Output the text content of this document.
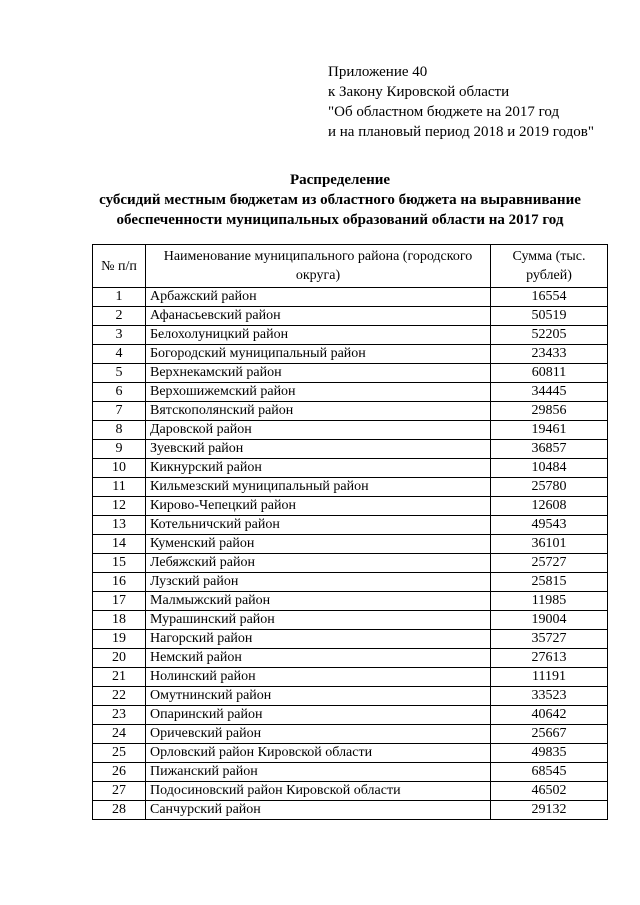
Приложение 40
к Закону Кировской области
"Об областном бюджете на 2017 год
и на плановый период 2018 и 2019 годов"
Распределение
субсидий местным бюджетам из областного бюджета на выравнивание
обеспеченности муниципальных образований области на 2017 год
№ п/п	Наименование муниципального района (городского округа)	Сумма (тыс. рублей)
1	Арбажский район	16554
2	Афанасьевский район	50519
3	Белохолуницкий район	52205
4	Богородский муниципальный район	23433
5	Верхнекамский район	60811
6	Верхошижемский район	34445
7	Вятскополянский район	29856
8	Даровской район	19461
9	Зуевский район	36857
10	Кикнурский район	10484
11	Кильмезский муниципальный район	25780
12	Кирово-Чепецкий район	12608
13	Котельничский район	49543
14	Куменский район	36101
15	Лебяжский район	25727
16	Лузский район	25815
17	Малмыжский район	11985
18	Мурашинский район	19004
19	Нагорский район	35727
20	Немский район	27613
21	Нолинский район	11191
22	Омутнинский район	33523
23	Опаринский район	40642
24	Оричевский район	25667
25	Орловский район Кировской области	49835
26	Пижанский район	68545
27	Подосиновский район Кировской области	46502
28	Санчурский район	29132
